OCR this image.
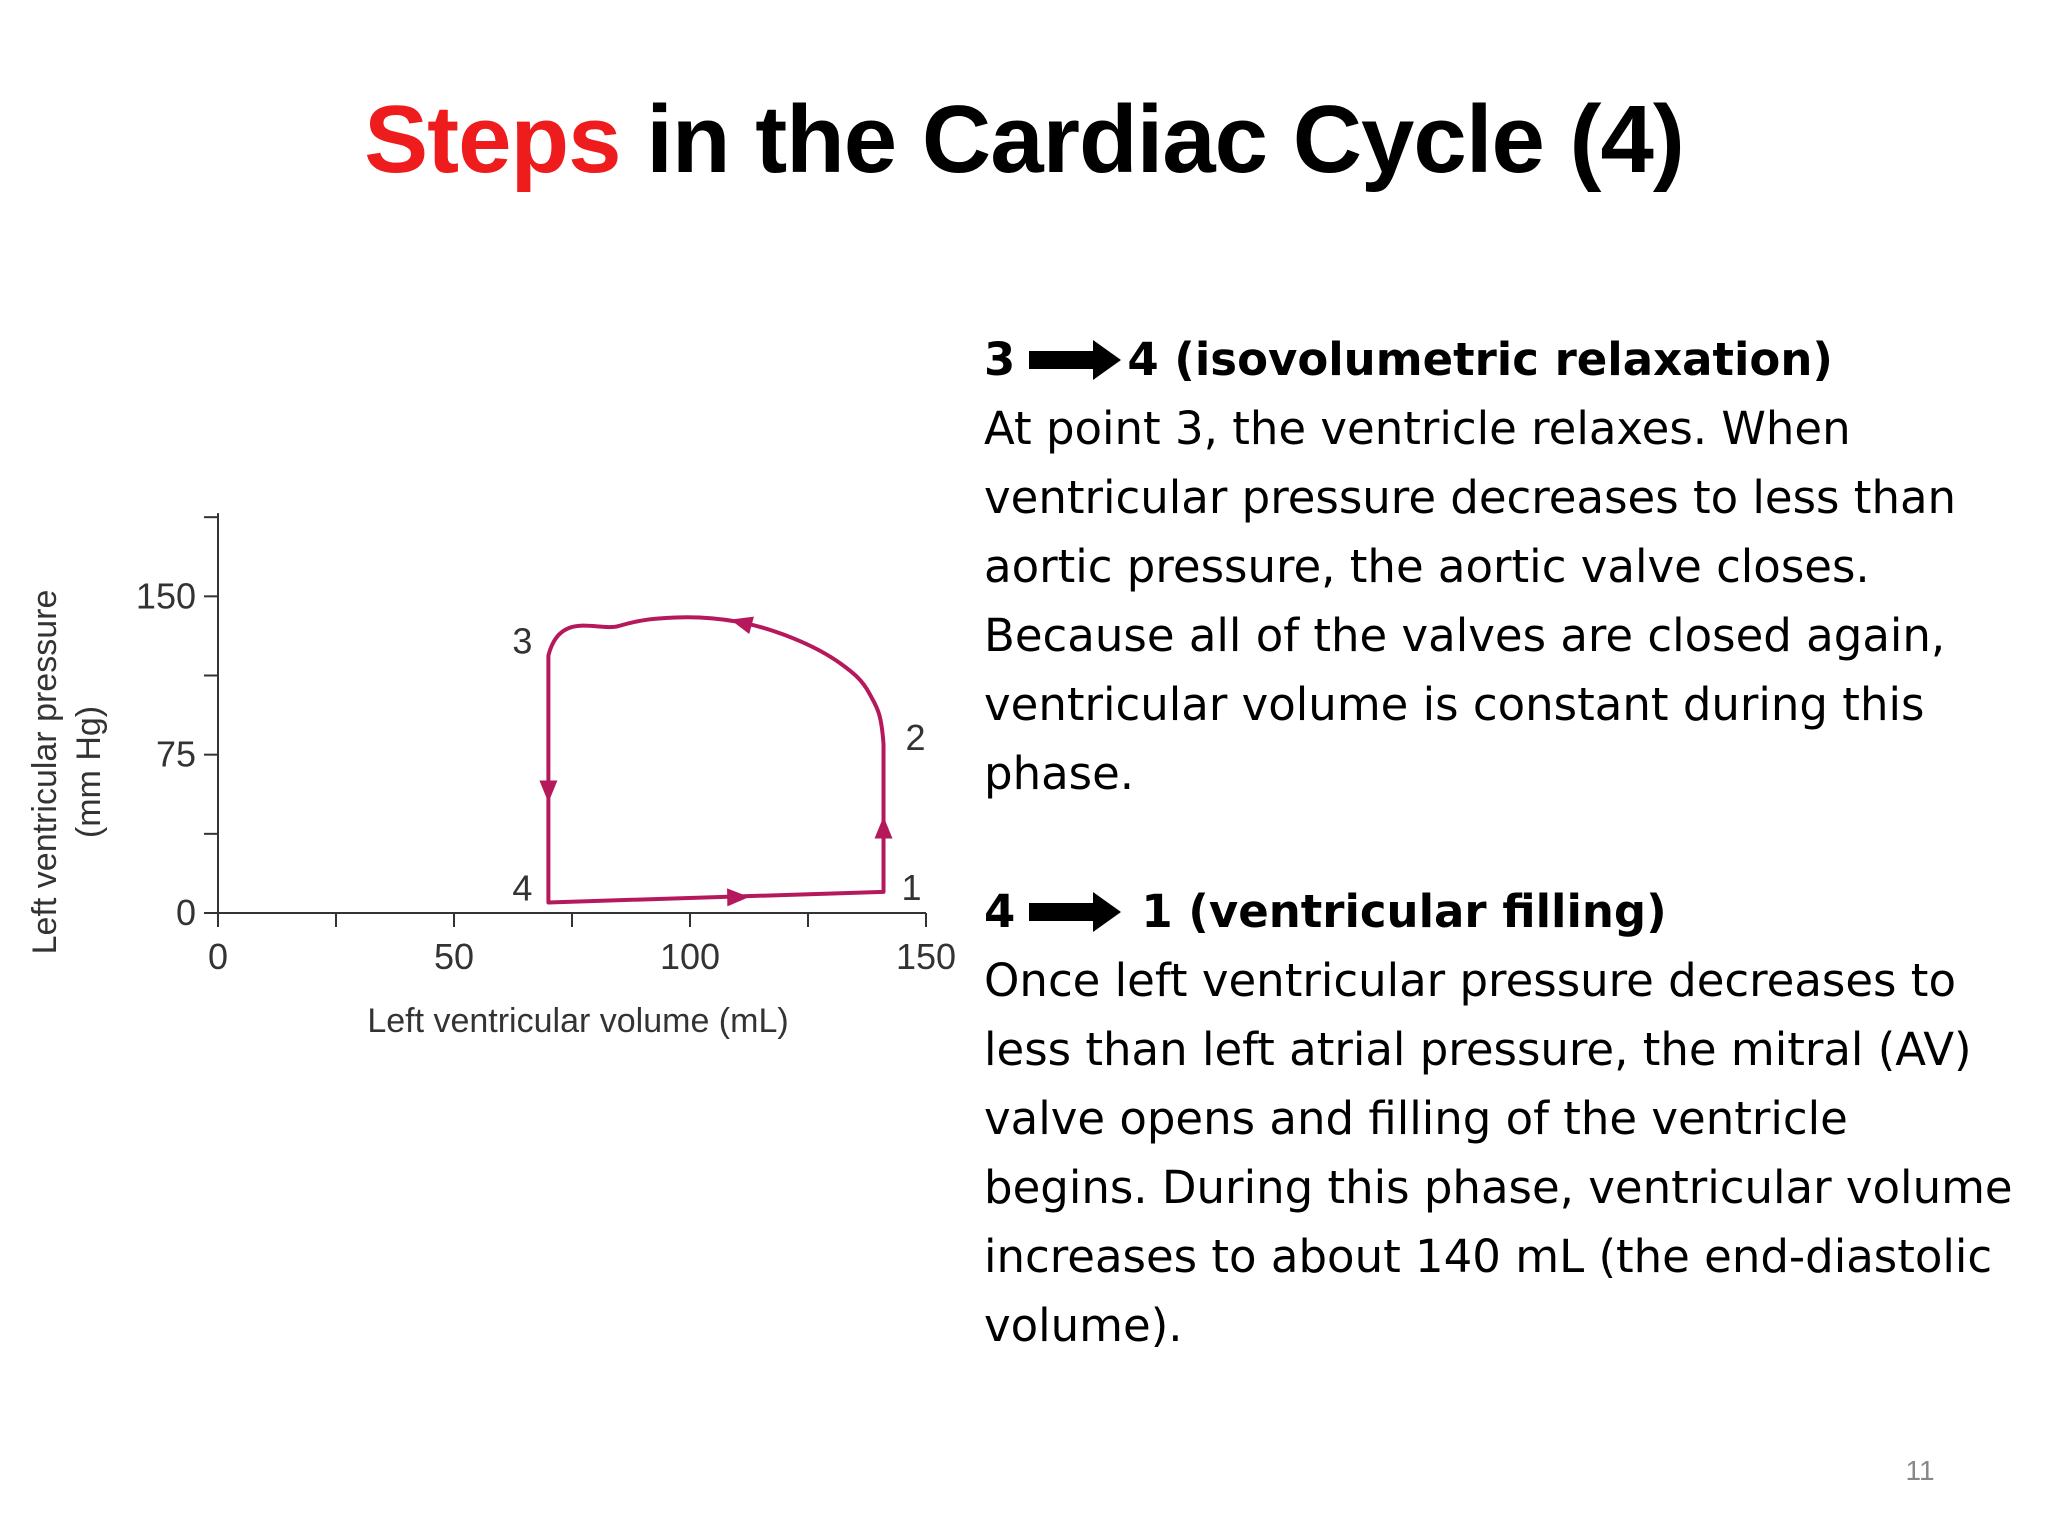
Steps in the Cardiac Cycle (4)
0	50	100	150
0
75
150
1
2
3
4
Left ventricular volume (mL)
Left ventricular pressure (mm Hg)
3 4 (isovolumetric relaxation)

At point 3, the ventricle relaxes. When ventricular pressure decreases to less than aortic pressure, the aortic valve closes. Because all of the valves are closed again, ventricular volume is constant during this phase.

4	1 (ventricular filling)

Once left ventricular pressure decreases to less than left atrial pressure, the mitral (AV) valve opens and filling of the ventricle begins. During this phase, ventricular volume increases to about 140 mL (the end-diastolic volume).

11
